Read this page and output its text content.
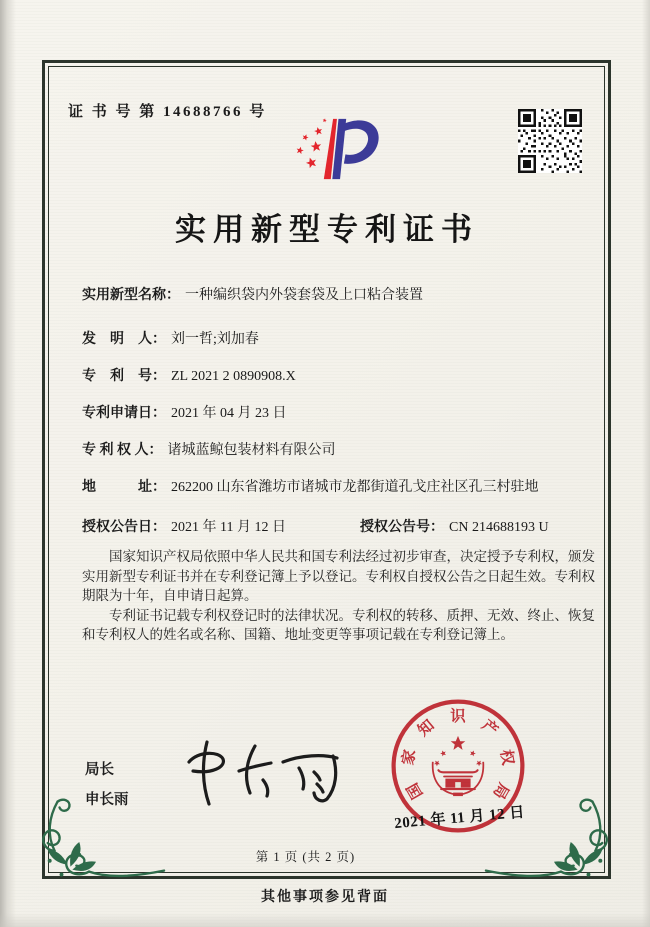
证 书 号 第 14688766 号
实用新型专利证书
实用新型名称： 一种编织袋内外袋套袋及上口粘合装置
发　明　人： 刘一哲;刘加春
专　利　号： ZL 2021 2 0890908.X
专利申请日： 2021 年 04 月 23 日
专 利 权 人： 诸城蓝鲸包装材料有限公司
地　　　址： 262200 山东省潍坊市诸城市龙都街道孔戈庄社区孔三村驻地
授权公告日： 2021 年 11 月 12 日	授权公告号： CN 214688193 U

国家知识产权局依照中华人民共和国专利法经过初步审查，决定授予专利权，颁发实用新型专利证书并在专利登记簿上予以登记。专利权自授权公告之日起生效。专利权期限为十年，自申请日起算。

专利证书记载专利权登记时的法律状况。专利权的转移、质押、无效、终止、恢复和专利权人的姓名或名称、国籍、地址变更等事项记载在专利登记簿上。

局长
申长雨	国
家
知
识
产
权
局
2021 年 11 月 12 日
第 1 页 (共 2 页)
其他事项参见背面
